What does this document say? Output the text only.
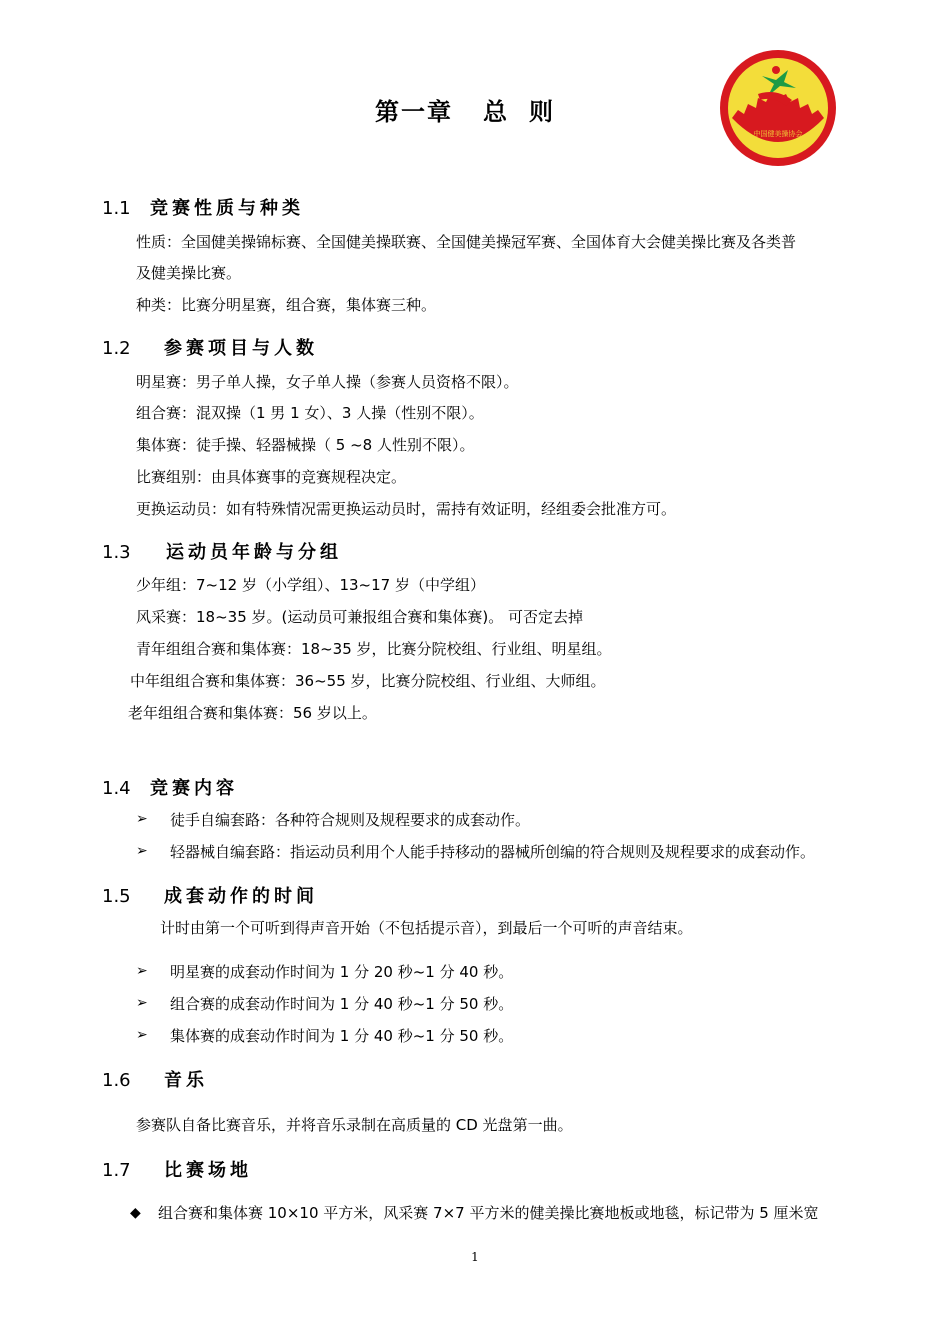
第一章 总则
中国健美操协会
CAA
1.1 竞赛性质与种类
性质：全国健美操锦标赛、全国健美操联赛、全国健美操冠军赛、全国体育大会健美操比赛及各类普
及健美操比赛。
种类：比赛分明星赛，组合赛，集体赛三种。
1.2 参赛项目与人数
明星赛：男子单人操，女子单人操（参赛人员资格不限）。
组合赛：混双操（1 男 1 女）、3 人操（性别不限）。
集体赛：徒手操、轻器械操（ 5 ~8 人性别不限）。
比赛组别：由具体赛事的竞赛规程决定。
更换运动员：如有特殊情况需更换运动员时，需持有效证明，经组委会批准方可。
1.3 运动员年龄与分组
少年组：7~12 岁（小学组）、13~17 岁（中学组）
风采赛：18~35 岁。(运动员可兼报组合赛和集体赛)。 可否定去掉
青年组组合赛和集体赛：18~35 岁，比赛分院校组、行业组、明星组。
中年组组合赛和集体赛：36~55 岁，比赛分院校组、行业组、大师组。
老年组组合赛和集体赛：56 岁以上。
1.4 竞赛内容
➢ 徒手自编套路：各种符合规则及规程要求的成套动作。
➢ 轻器械自编套路：指运动员利用个人能手持移动的器械所创编的符合规则及规程要求的成套动作。
1.5 成套动作的时间
计时由第一个可听到得声音开始（不包括提示音），到最后一个可听的声音结束。
➢ 明星赛的成套动作时间为 1 分 20 秒~1 分 40 秒。
➢ 组合赛的成套动作时间为 1 分 40 秒~1 分 50 秒。
➢ 集体赛的成套动作时间为 1 分 40 秒~1 分 50 秒。
1.6 音乐
参赛队自备比赛音乐，并将音乐录制在高质量的 CD 光盘第一曲。
1.7 比赛场地
◆ 组合赛和集体赛 10×10 平方米，风采赛 7×7 平方米的健美操比赛地板或地毯，标记带为 5 厘米宽
1
